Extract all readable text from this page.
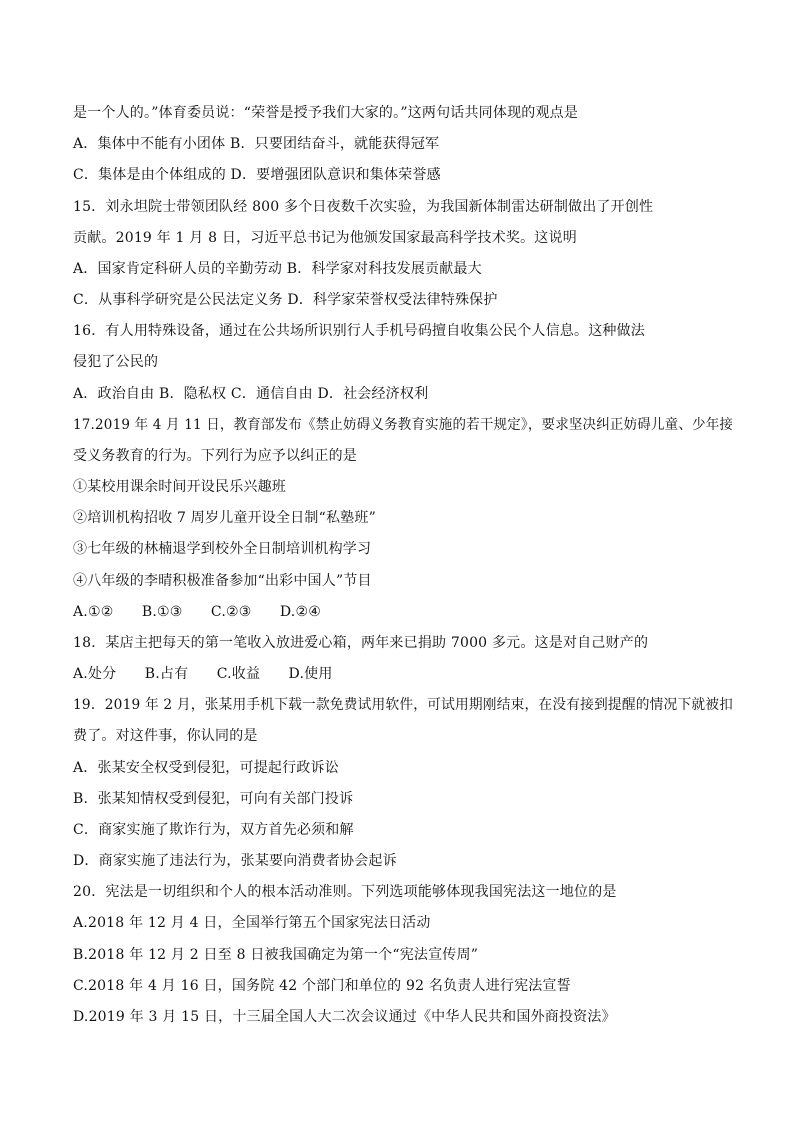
是一个人的。”体育委员说：“荣誉是授予我们大家的。”这两句话共同体现的观点是
A．集体中不能有小团体 B．只要团结奋斗，就能获得冠军
C．集体是由个体组成的 D．要增强团队意识和集体荣誉感
15．刘永坦院士带领团队经 800 多个日夜数千次实验，为我国新体制雷达研制做出了开创性
贡献。2019 年 1 月 8 日，习近平总书记为他颁发国家最高科学技术奖。这说明
A．国家肯定科研人员的辛勤劳动 B．科学家对科技发展贡献最大
C．从事科学研究是公民法定义务 D．科学家荣誉权受法律特殊保护
16．有人用特殊设备，通过在公共场所识别行人手机号码擅自收集公民个人信息。这种做法
侵犯了公民的
A．政治自由 B．隐私权 C．通信自由 D．社会经济权利
17.2019 年 4 月 11 日，教育部发布《禁止妨碍义务教育实施的若干规定》，要求坚决纠正妨碍儿童、少年接
受义务教育的行为。下列行为应予以纠正的是
①某校用课余时间开设民乐兴趣班
②培训机构招收 7 周岁儿童开设全日制“私塾班”
③七年级的林楠退学到校外全日制培训机构学习
④八年级的李晴积极准备参加“出彩中国人”节目
A.①②　　B.①③　　C.②③　　D.②④
18．某店主把每天的第一笔收入放进爱心箱，两年来已捐助 7000 多元。这是对自己财产的
A.处分　　B.占有　　C.收益　　D.使用
19．2019 年 2 月，张某用手机下载一款免费试用软件，可试用期刚结束，在没有接到提醒的情况下就被扣
费了。对这件事，你认同的是
A．张某安全权受到侵犯，可提起行政诉讼
B．张某知情权受到侵犯，可向有关部门投诉
C．商家实施了欺诈行为，双方首先必须和解
D．商家实施了违法行为，张某要向消费者协会起诉
20．宪法是一切组织和个人的根本活动准则。下列选项能够体现我国宪法这一地位的是
A.2018 年 12 月 4 日，全国举行第五个国家宪法日活动
B.2018 年 12 月 2 日至 8 日被我国确定为第一个“宪法宣传周”
C.2018 年 4 月 16 日，国务院 42 个部门和单位的 92 名负责人进行宪法宣誓
D.2019 年 3 月 15 日，十三届全国人大二次会议通过《中华人民共和国外商投资法》
